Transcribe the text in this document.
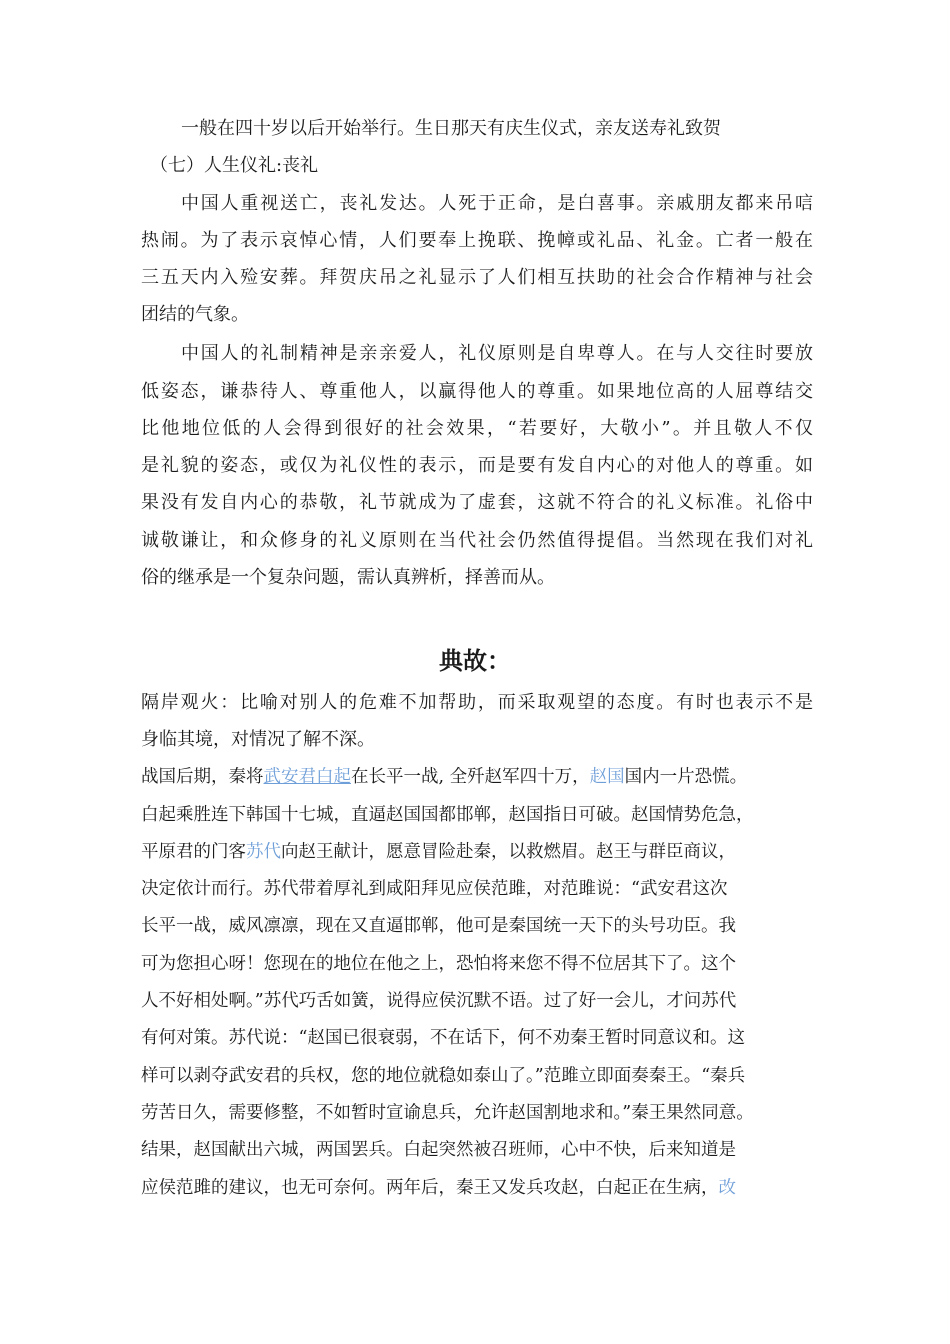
一般在四十岁以后开始举行。生日那天有庆生仪式，亲友送寿礼致贺
（七）人生仪礼:丧礼
中国人重视送亡，丧礼发达。人死于正命，是白喜事。亲戚朋友都来吊唁
热闹。为了表示哀悼心情，人们要奉上挽联、挽幛或礼品、礼金。亡者一般在
三五天内入殓安葬。拜贺庆吊之礼显示了人们相互扶助的社会合作精神与社会
团结的气象。
中国人的礼制精神是亲亲爱人，礼仪原则是自卑尊人。在与人交往时要放
低姿态，谦恭待人、尊重他人，以赢得他人的尊重。如果地位高的人屈尊结交
比他地位低的人会得到很好的社会效果，“若要好，大敬小”。并且敬人不仅
是礼貌的姿态，或仅为礼仪性的表示，而是要有发自内心的对他人的尊重。如
果没有发自内心的恭敬，礼节就成为了虚套，这就不符合的礼义标准。礼俗中
诚敬谦让，和众修身的礼义原则在当代社会仍然值得提倡。当然现在我们对礼
俗的继承是一个复杂问题，需认真辨析，择善而从。
典故：
隔岸观火：比喻对别人的危难不加帮助，而采取观望的态度。有时也表示不是
身临其境，对情况了解不深。
战国后期，秦将武安君白起在长平一战, 全歼赵军四十万，赵国国内一片恐慌。
白起乘胜连下韩国十七城，直逼赵国国都邯郸，赵国指日可破。赵国情势危急，
平原君的门客苏代向赵王献计，愿意冒险赴秦，以救燃眉。赵王与群臣商议，
决定依计而行。苏代带着厚礼到咸阳拜见应侯范雎，对范雎说：“武安君这次
长平一战，威风凛凛，现在又直逼邯郸，他可是秦国统一天下的头号功臣。我
可为您担心呀！您现在的地位在他之上，恐怕将来您不得不位居其下了。这个
人不好相处啊。”苏代巧舌如簧，说得应侯沉默不语。过了好一会儿，才问苏代
有何对策。苏代说：“赵国已很衰弱，不在话下，何不劝秦王暂时同意议和。这
样可以剥夺武安君的兵权，您的地位就稳如泰山了。”范雎立即面奏秦王。“秦兵
劳苦日久，需要修整，不如暂时宣谕息兵，允许赵国割地求和。”秦王果然同意。
结果，赵国献出六城，两国罢兵。白起突然被召班师，心中不快，后来知道是
应侯范雎的建议，也无可奈何。两年后，秦王又发兵攻赵，白起正在生病，改
